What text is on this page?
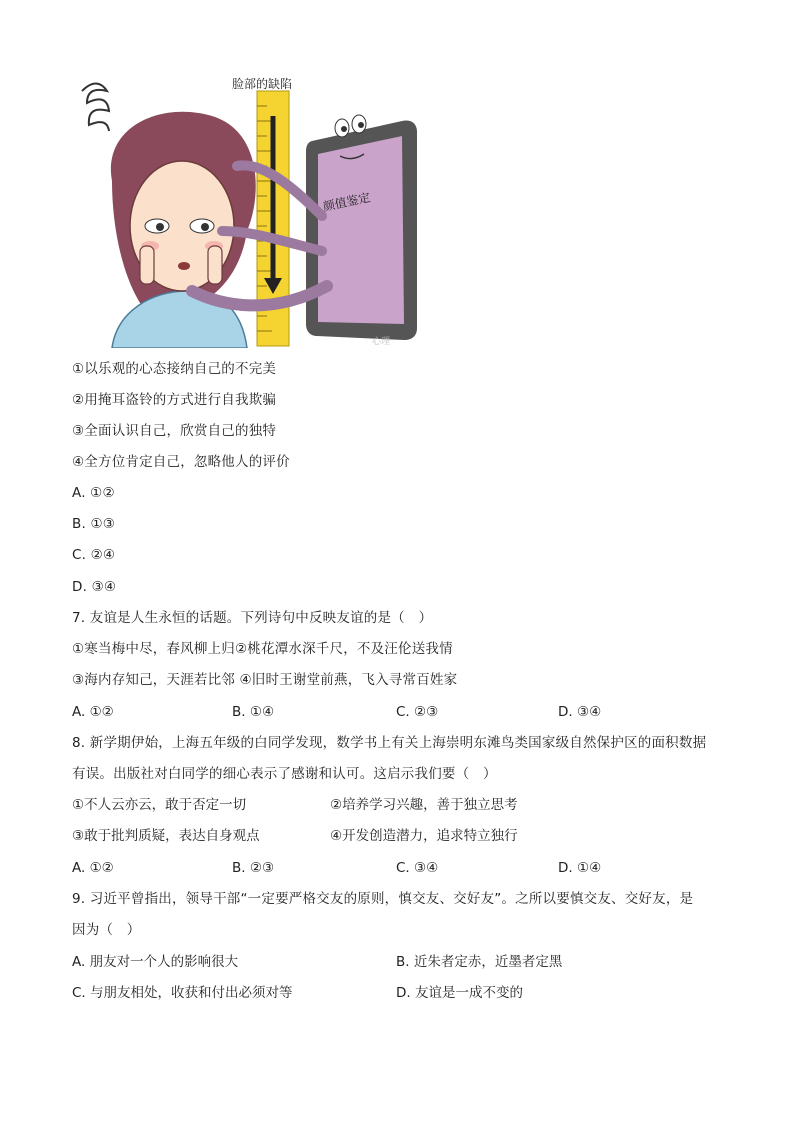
脸部的缺陷
颜值鉴定
心理
①以乐观的心态接纳自己的不完美
②用掩耳盗铃的方式进行自我欺骗
③全面认识自己，欣赏自己的独特
④全方位肯定自己，忽略他人的评价
A. ①②
B. ①③
C. ②④
D. ③④
7. 友谊是人生永恒的话题。下列诗句中反映友谊的是（　）
①寒当梅中尽，春风柳上归②桃花潭水深千尺，不及汪伦送我情
③海内存知己，天涯若比邻 ④旧时王谢堂前燕，飞入寻常百姓家
A. ①②	B. ①④	C. ②③	D. ③④
8. 新学期伊始，上海五年级的白同学发现，数学书上有关上海崇明东滩鸟类国家级自然保护区的面积数据
有误。出版社对白同学的细心表示了感谢和认可。这启示我们要（　）
①不人云亦云，敢于否定一切	②培养学习兴趣，善于独立思考
③敢于批判质疑，表达自身观点	④开发创造潜力，追求特立独行
A. ①②	B. ②③	C. ③④	D. ①④
9. 习近平曾指出，领导干部“一定要严格交友的原则，慎交友、交好友”。之所以要慎交友、交好友，是
因为（　）
A. 朋友对一个人的影响很大	B. 近朱者定赤，近墨者定黑
C. 与朋友相处，收获和付出必须对等	D. 友谊是一成不变的
